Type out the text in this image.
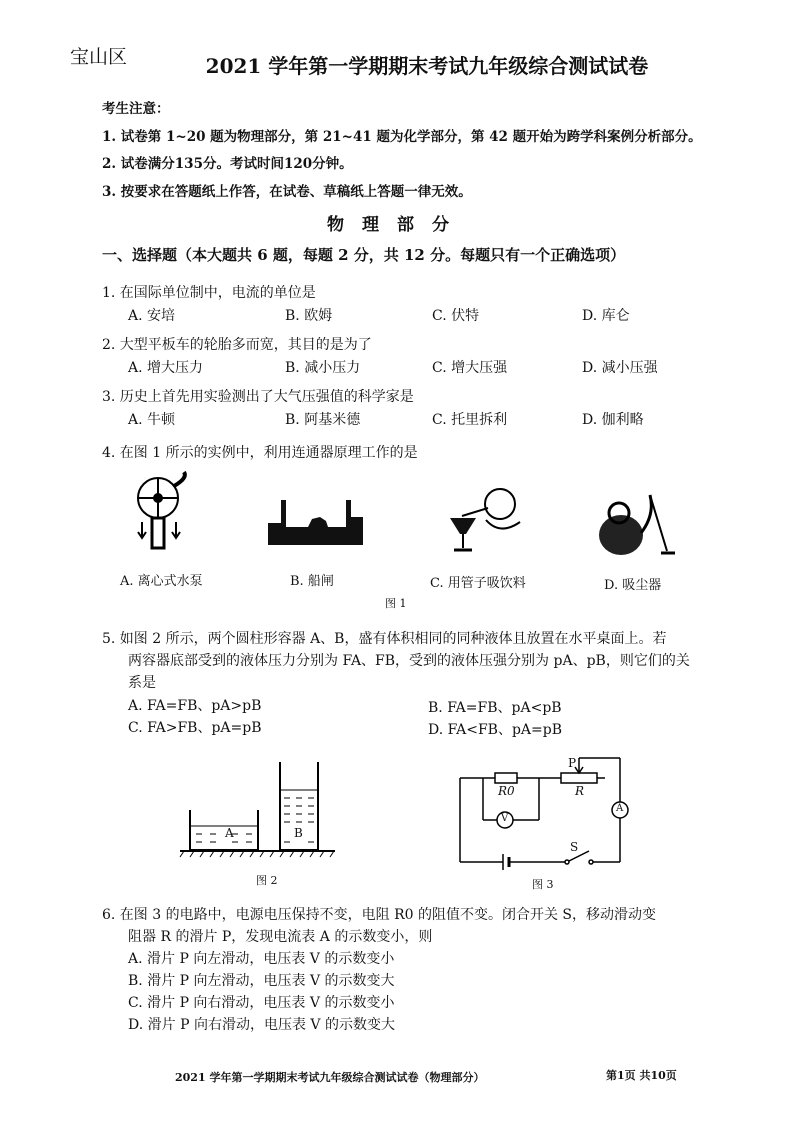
宝山区	2021 学年第一学期期末考试九年级综合测试试卷
考生注意：
1. 试卷第 1~20 题为物理部分，第 21~41 题为化学部分，第 42 题开始为跨学科案例分析部分。
2. 试卷满分135分。考试时间120分钟。
3. 按要求在答题纸上作答，在试卷、草稿纸上答题一律无效。
物理部分
一、选择题（本大题共 6 题，每题 2 分，共 12 分。每题只有一个正确选项）
1. 在国际单位制中，电流的单位是
A. 安培	B. 欧姆	C. 伏特	D. 库仑
2. 大型平板车的轮胎多而宽，其目的是为了
A. 增大压力	B. 减小压力	C. 增大压强	D. 减小压强
3. 历史上首先用实验测出了大气压强值的科学家是
A. 牛顿	B. 阿基米德	C. 托里拆利	D. 伽利略
4. 在图 1 所示的实例中，利用连通器原理工作的是
A. 离心式水泵	B. 船闸	C. 用管子吸饮料	D. 吸尘器
图 1
5. 如图 2 所示，两个圆柱形容器 A、B，盛有体积相同的同种液体且放置在水平桌面上。若
两容器底部受到的液体压力分别为 FA、FB，受到的液体压强分别为 pA、pB，则它们的关
系是
A. FA=FB、pA>pB	B. FA=FB、pA<pB
C. FA>FB、pA=pB	D. FA<FB、pA=pB
A	B
图 2
P
R0	R
V
A
S
图 3
6. 在图 3 的电路中，电源电压保持不变，电阻 R0 的阻值不变。闭合开关 S，移动滑动变
阻器 R 的滑片 P，发现电流表 A 的示数变小，则
A. 滑片 P 向左滑动，电压表 V 的示数变小
B. 滑片 P 向左滑动，电压表 V 的示数变大
C. 滑片 P 向右滑动，电压表 V 的示数变小
D. 滑片 P 向右滑动，电压表 V 的示数变大
2021 学年第一学期期末考试九年级综合测试试卷（物理部分）	第1页 共10页
